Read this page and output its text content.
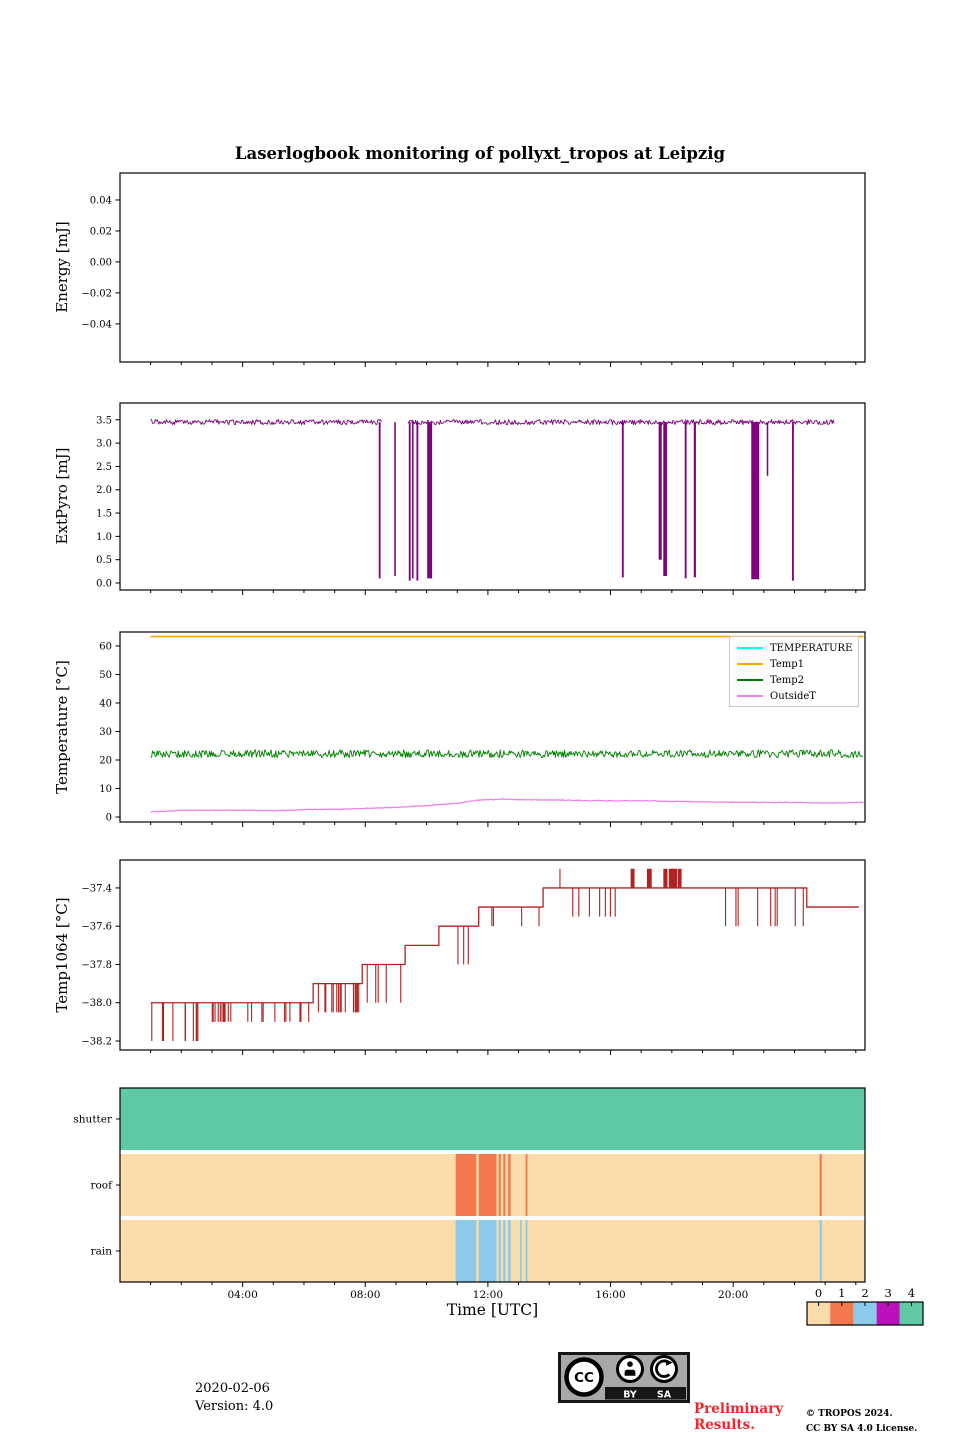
0.04
0.02
0.00
−0.02
−0.04
3.5
3.0
2.5
2.0
1.5
1.0
0.5
0.0
60
50
40
30
20
10
0
−37.4
−37.6
−37.8
−38.0
−38.2
shutter
roof
rain
04:00	08:00	12:00	16:00	20:00	0 1 2 3 4
Laserlogbook monitoring of pollyxt_tropos at Leipzig
Energy [mJ]
ExtPyro [mJ]
Temperature [°C]
Temp1064 [°C]
Time [UTC]
TEMPERATURE
Temp1
Temp2
OutsideT
2020-02-06
Version: 4.0
CC
BY SA
Preliminary
Results.
© TROPOS 2024.
CC BY SA 4.0 License.
